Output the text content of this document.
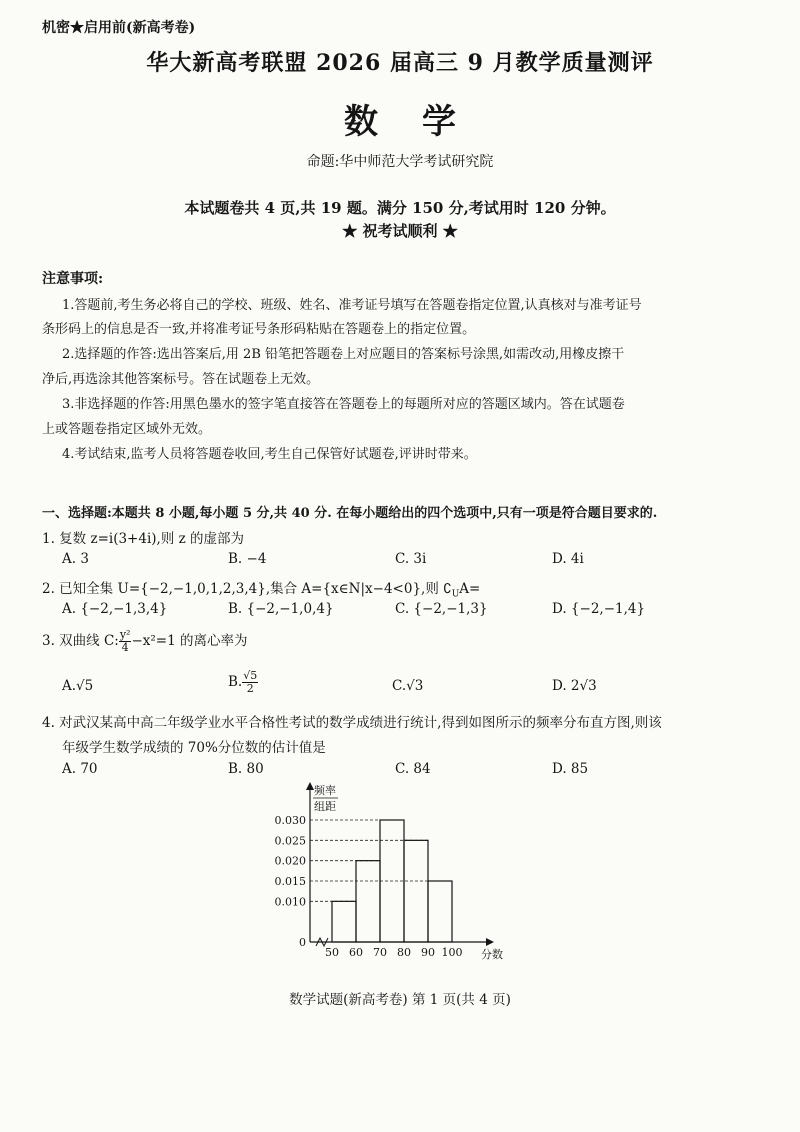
机密★启用前(新高考卷)
华大新高考联盟 2026 届高三 9 月教学质量测评
数学
命题:华中师范大学考试研究院
本试题卷共 4 页,共 19 题。满分 150 分,考试用时 120 分钟。
★ 祝考试顺利 ★
注意事项:
1.答题前,考生务必将自己的学校、班级、姓名、准考证号填写在答题卷指定位置,认真核对与准考证号
条形码上的信息是否一致,并将准考证号条形码粘贴在答题卷上的指定位置。
2.选择题的作答:选出答案后,用 2B 铅笔把答题卷上对应题目的答案标号涂黑,如需改动,用橡皮擦干
净后,再选涂其他答案标号。答在试题卷上无效。
3.非选择题的作答:用黑色墨水的签字笔直接答在答题卷上的每题所对应的答题区域内。答在试题卷
上或答题卷指定区域外无效。
4.考试结束,监考人员将答题卷收回,考生自己保管好试题卷,评讲时带来。
一、选择题:本题共 8 小题,每小题 5 分,共 40 分. 在每小题给出的四个选项中,只有一项是符合题目要求的.
1. 复数 z=i(3+4i),则 z 的虚部为
A. 3	B. −4	C. 3i	D. 4i
2. 已知全集 U={−2,−1,0,1,2,3,4},集合 A={x∈N|x−4<0},则 $∁_UA=$
A. {−2,−1,3,4}	B. {−2,−1,0,4}	C. {−2,−1,3}	D. {−2,−1,4}
3. 双曲线 C: $\frac{\text{y²}}{4} -x^2=1$ 的离心率为
A.√5	B. $\frac{√5}{2}$	C.√3	D. 2√3
4. 对武汉某高中高二年级学业水平合格性考试的数学成绩进行统计,得到如图所示的频率分布直方图,则该
年级学生数学成绩的 70%分位数的估计值是
A. 70	B. 80	C. 84	D. 85
0.010
0.015
0.020
0.025
0.030
0
50 60 70 80 90 100 分数
频率
组距
数学试题(新高考卷) 第 1 页(共 4 页)
